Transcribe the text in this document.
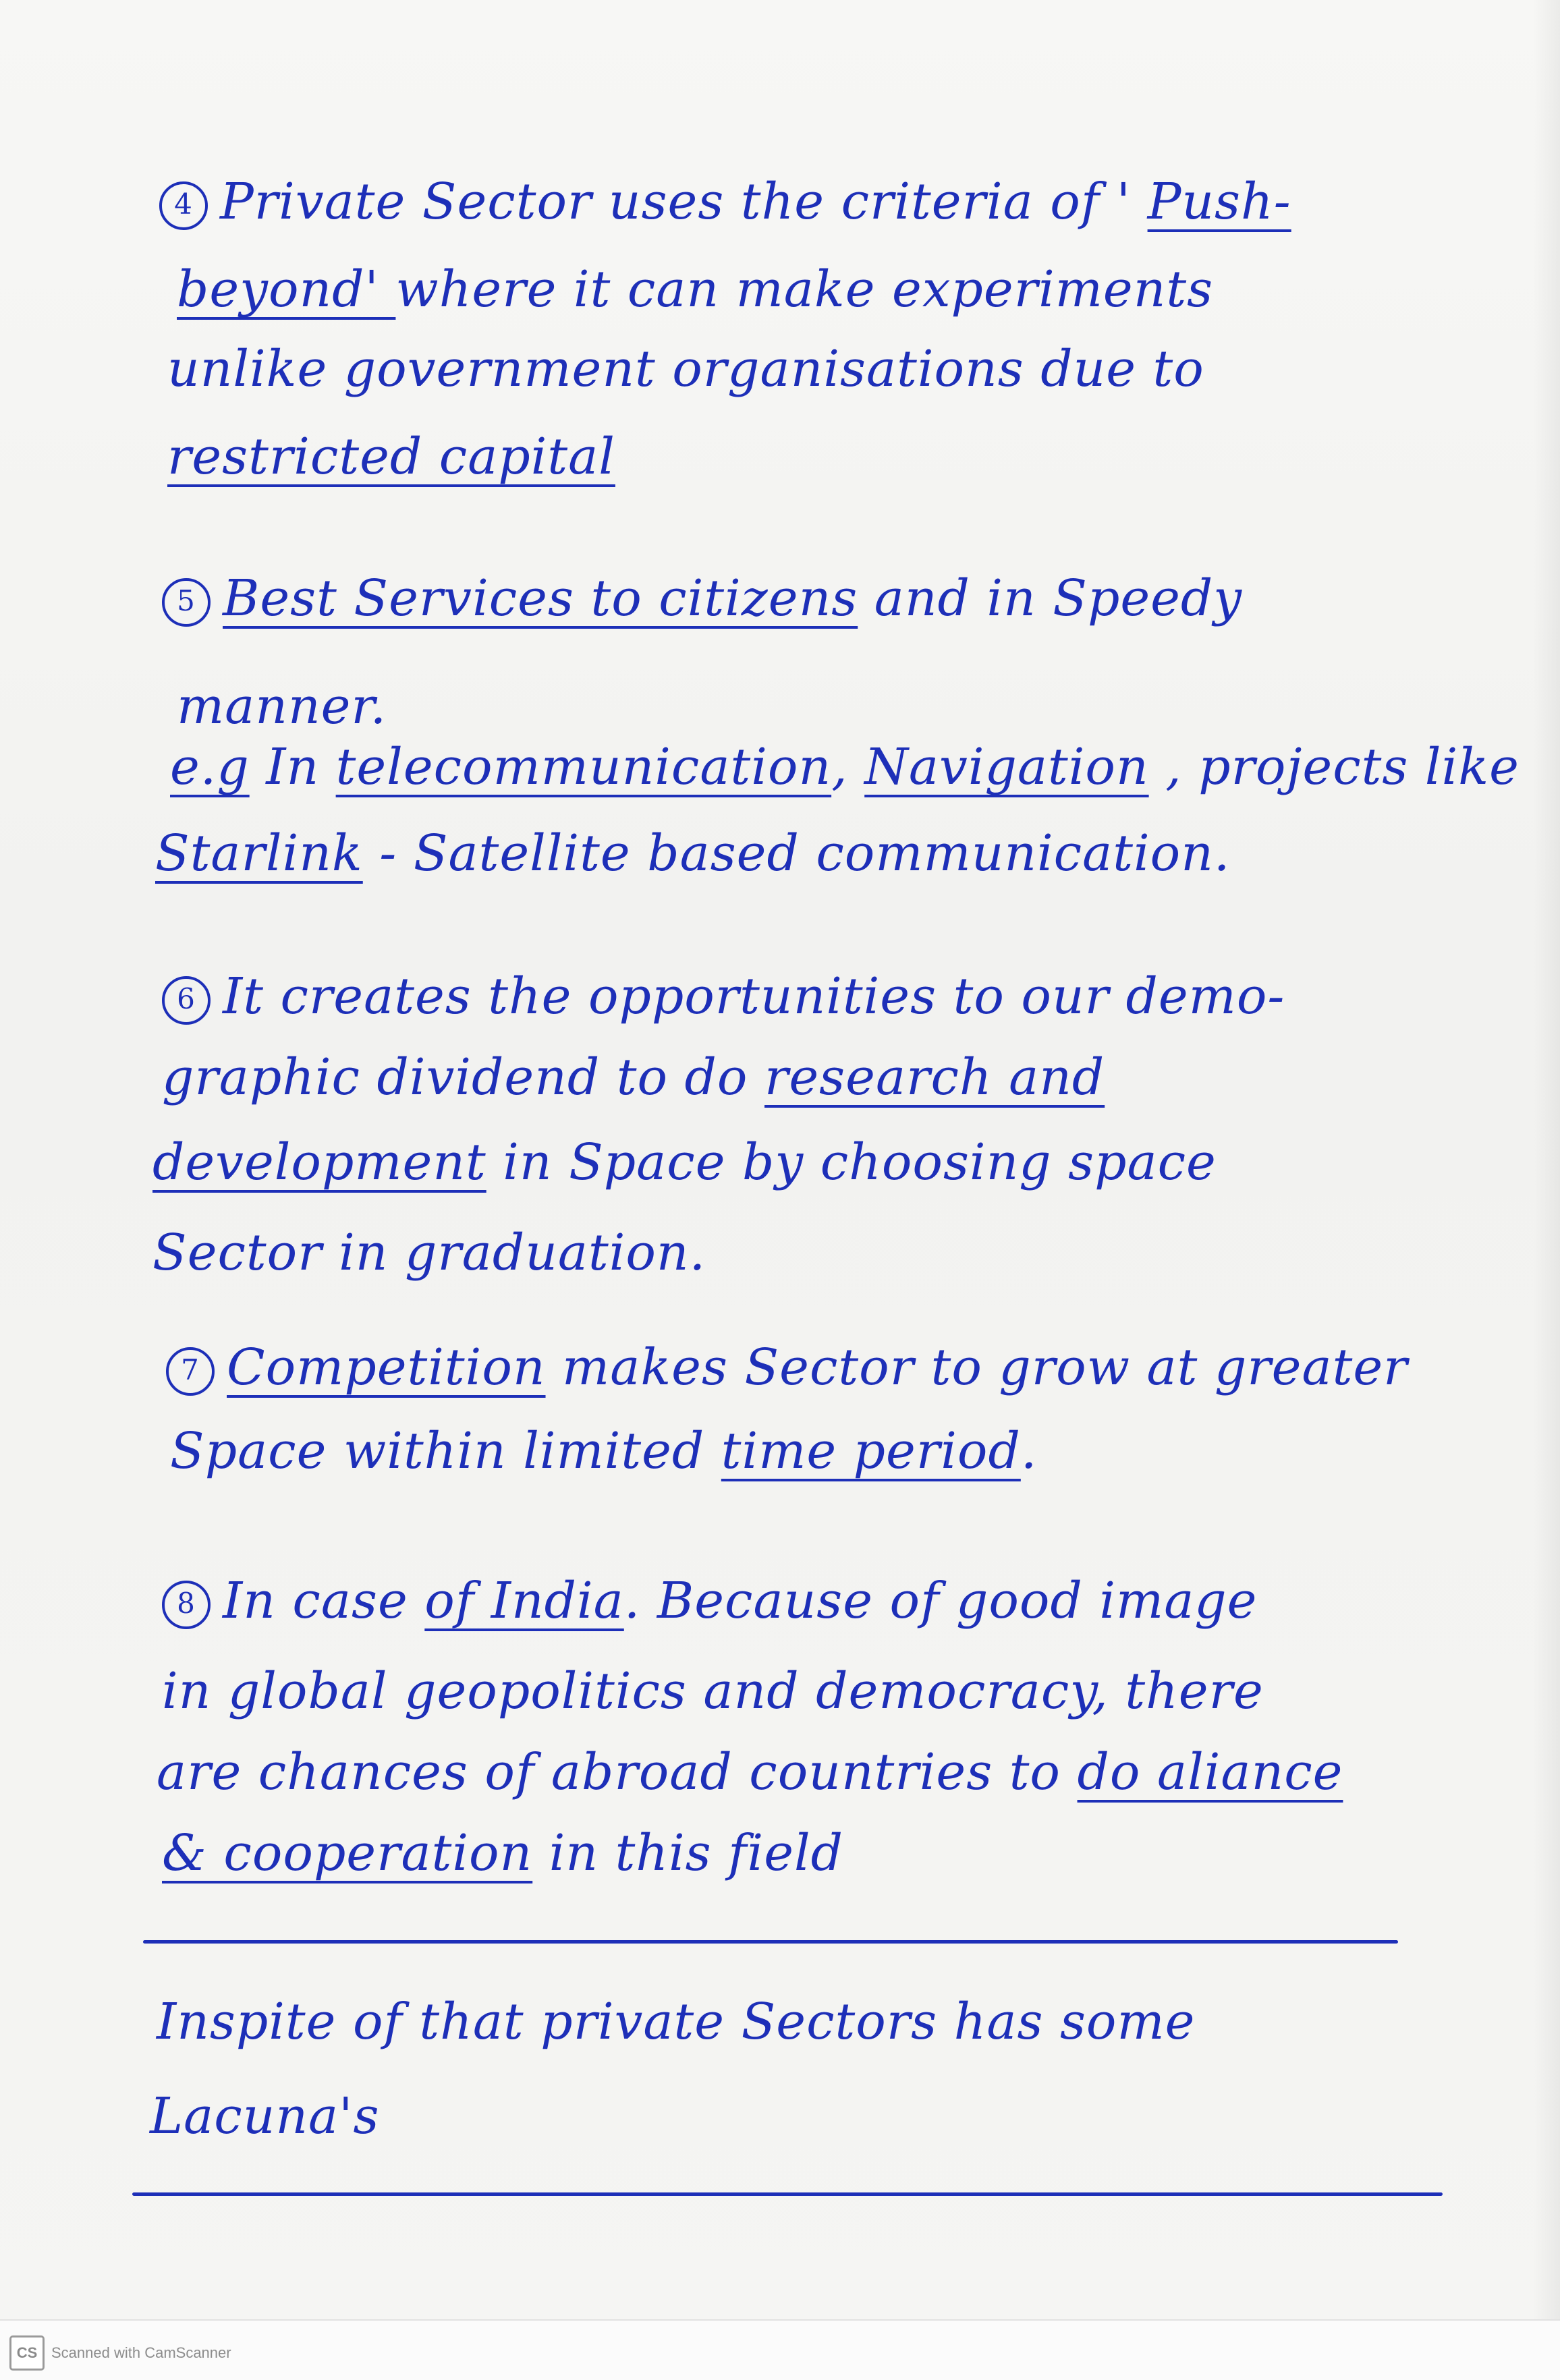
4 Private Sector uses the criteria of ' Push-
beyond' where it can make experiments
unlike government organisations due to
restricted capital
5 Best Services to citizens and in Speedy
manner.
e.g In telecommunication, Navigation , projects like
Starlink - Satellite based communication.
6 It creates the opportunities to our demo-
graphic dividend to do research and
development in Space by choosing space
Sector in graduation.
7 Competition makes Sector to grow at greater
Space within limited time period.
8 In case of India. Because of good image
in global geopolitics and democracy, there
are chances of abroad countries to do aliance
& cooperation in this field
Inspite of that private Sectors has some
Lacuna's
CS Scanned with CamScanner
